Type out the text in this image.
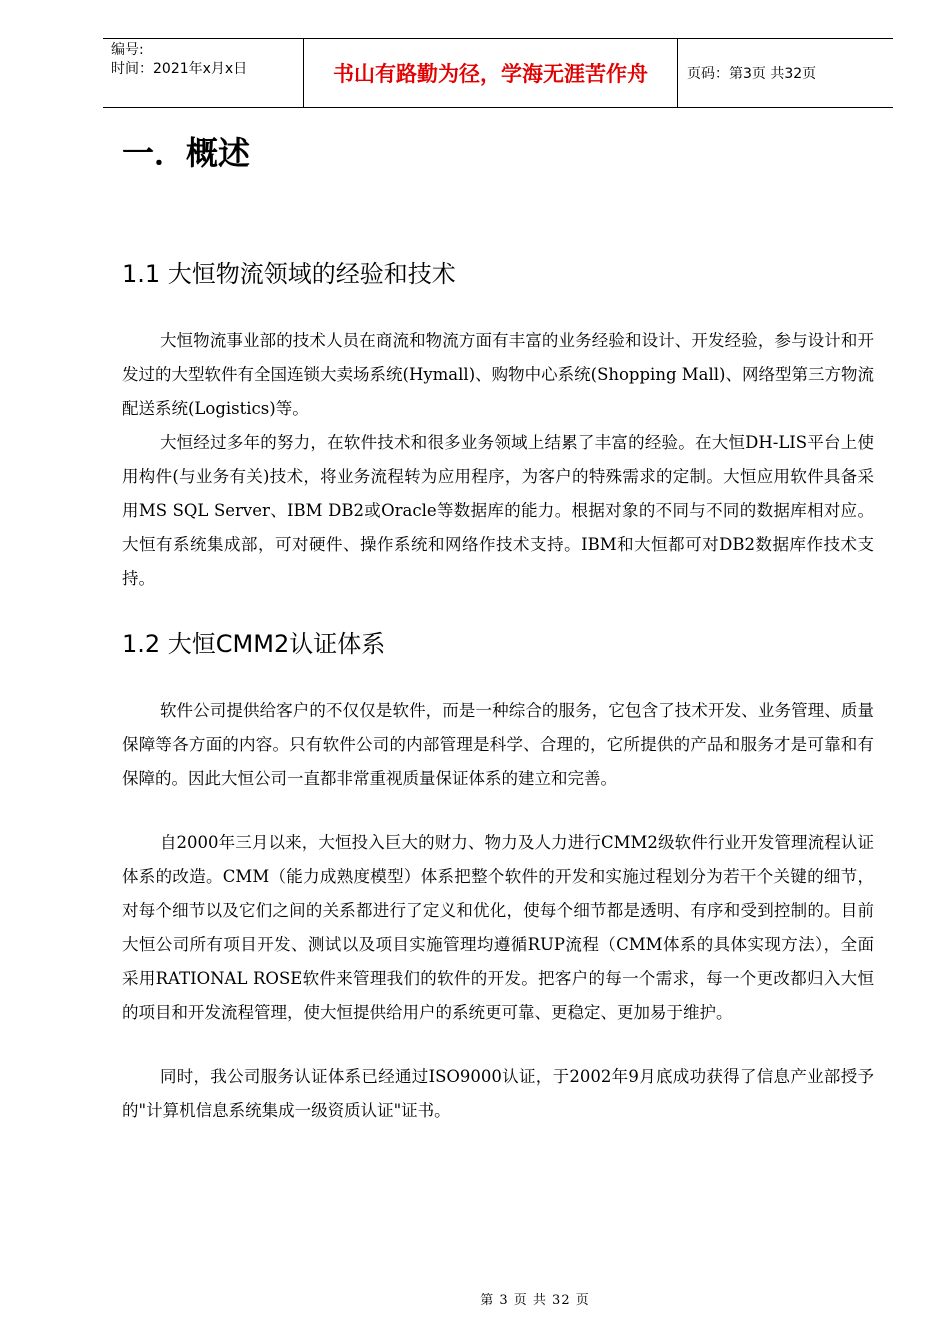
编号:
时间：2021年x月x日	书山有路勤为径，学海无涯苦作舟	页码：第3页 共32页
一．概述
1.1 大恒物流领域的经验和技术

大恒物流事业部的技术人员在商流和物流方面有丰富的业务经验和设计、开发经验，参与设计和开发过的大型软件有全国连锁大卖场系统(Hymall)、购物中心系统(Shopping Mall)、网络型第三方物流配送系统(Logistics)等。

大恒经过多年的努力，在软件技术和很多业务领域上结累了丰富的经验。在大恒DH-LIS平台上使用构件(与业务有关)技术，将业务流程转为应用程序，为客户的特殊需求的定制。大恒应用软件具备采用MS SQL Server、IBM DB2或Oracle等数据库的能力。根据对象的不同与不同的数据库相对应。大恒有系统集成部，可对硬件、操作系统和网络作技术支持。IBM和大恒都可对DB2数据库作技术支持。

1.2 大恒CMM2认证体系

软件公司提供给客户的不仅仅是软件，而是一种综合的服务，它包含了技术开发、业务管理、质量保障等各方面的内容。只有软件公司的内部管理是科学、合理的，它所提供的产品和服务才是可靠和有保障的。因此大恒公司一直都非常重视质量保证体系的建立和完善。

自2000年三月以来，大恒投入巨大的财力、物力及人力进行CMM2级软件行业开发管理流程认证体系的改造。CMM（能力成熟度模型）体系把整个软件的开发和实施过程划分为若干个关键的细节，对每个细节以及它们之间的关系都进行了定义和优化，使每个细节都是透明、有序和受到控制的。目前大恒公司所有项目开发、测试以及项目实施管理均遵循RUP流程（CMM体系的具体实现方法），全面采用RATIONAL ROSE软件来管理我们的软件的开发。把客户的每一个需求，每一个更改都归入大恒的项目和开发流程管理，使大恒提供给用户的系统更可靠、更稳定、更加易于维护。

同时，我公司服务认证体系已经通过ISO9000认证，于2002年9月底成功获得了信息产业部授予的"计算机信息系统集成一级资质认证"证书。

第 3 页 共 32 页
